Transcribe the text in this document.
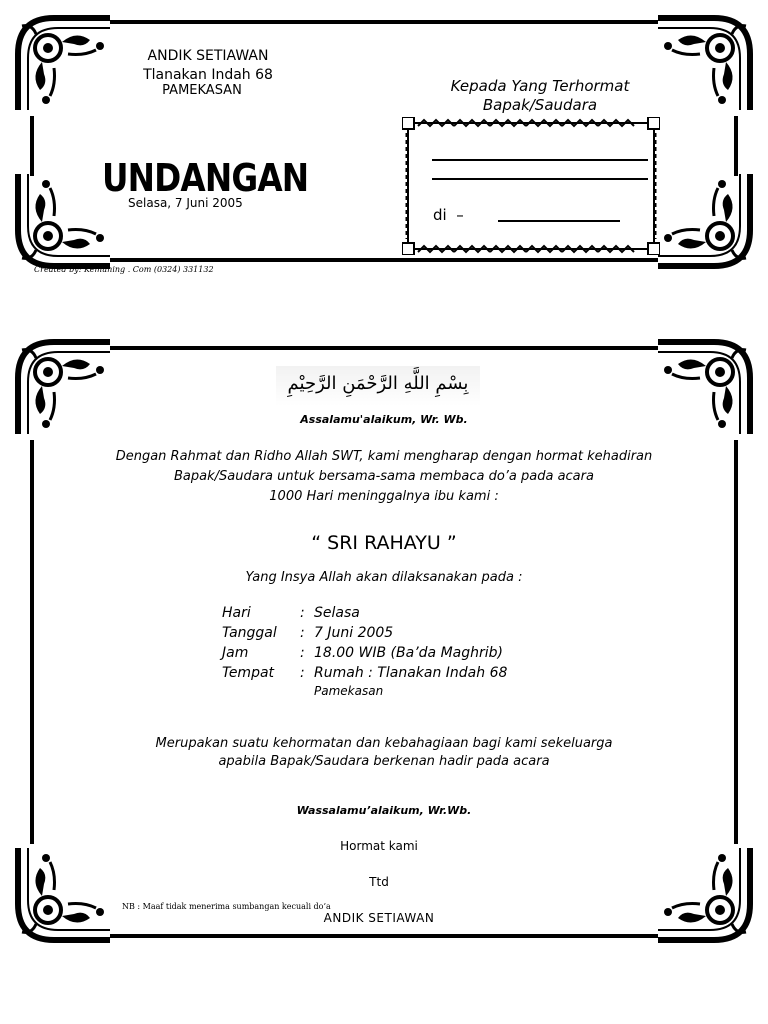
ANDIK SETIAWAN
Tlanakan Indah 68
PAMEKASAN
UNDANGAN
Selasa, 7 Juni 2005
Kepada Yang Terhormat
Bapak/Saudara
di  –
Created by: Kemuning . Com (0324) 331132
بِسْمِ اللَّهِ الرَّحْمَنِ الرَّحِيْمِ
Assalamu'alaikum, Wr. Wb.
Dengan Rahmat dan Ridho Allah SWT, kami mengharap dengan hormat kehadiran
Bapak/Saudara untuk bersama-sama membaca do’a pada acara
1000 Hari meninggalnya ibu kami :
“ SRI RAHAYU ”
Yang Insya Allah akan dilaksanakan pada :
Hari	: Selasa
Tanggal : 7 Juni 2005
Jam	: 18.00 WIB (Ba’da Maghrib)
Tempat : Rumah : Tlanakan Indah 68
Pamekasan
Merupakan suatu kehormatan dan kebahagiaan bagi kami sekeluarga
apabila Bapak/Saudara berkenan hadir pada acara
Wassalamu’alaikum, Wr.Wb.
Hormat kami
Ttd
NB : Maaf tidak menerima sumbangan kecuali do’a
ANDIK SETIAWAN
